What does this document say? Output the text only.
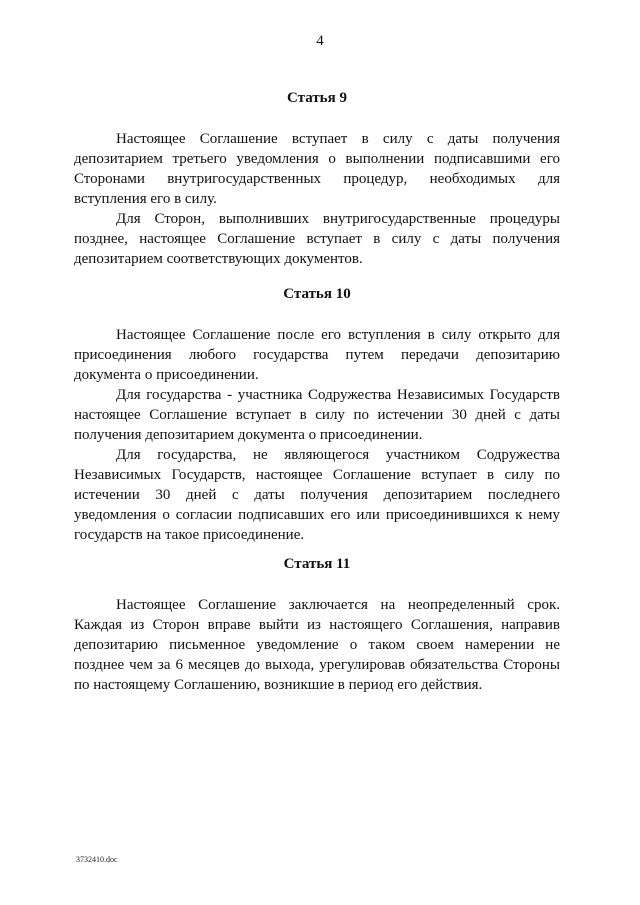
4
Статья 9

Настоящее Соглашение вступает в силу с даты получения депозитарием третьего уведомления о выполнении подписавшими его Сторонами внутригосударственных процедур, необходимых для вступления его в силу.

Для Сторон, выполнивших внутригосударственные процедуры позднее, настоящее Соглашение вступает в силу с даты получения депозитарием соответствующих документов.

Статья 10

Настоящее Соглашение после его вступления в силу открыто для присоединения любого государства путем передачи депозитарию документа о присоединении.

Для государства - участника Содружества Независимых Государств настоящее Соглашение вступает в силу по истечении 30 дней с даты получения депозитарием документа о присоединении.

Для государства, не являющегося участником Содружества Независимых Государств, настоящее Соглашение вступает в силу по истечении 30 дней с даты получения депозитарием последнего уведомления о согласии подписавших его или присоединившихся к нему государств на такое присоединение.

Статья 11

Настоящее Соглашение заключается на неопределенный срок. Каждая из Сторон вправе выйти из настоящего Соглашения, направив депозитарию письменное уведомление о таком своем намерении не позднее чем за 6 месяцев до выхода, урегулировав обязательства Стороны по настоящему Соглашению, возникшие в период его действия.

3732410.doc
